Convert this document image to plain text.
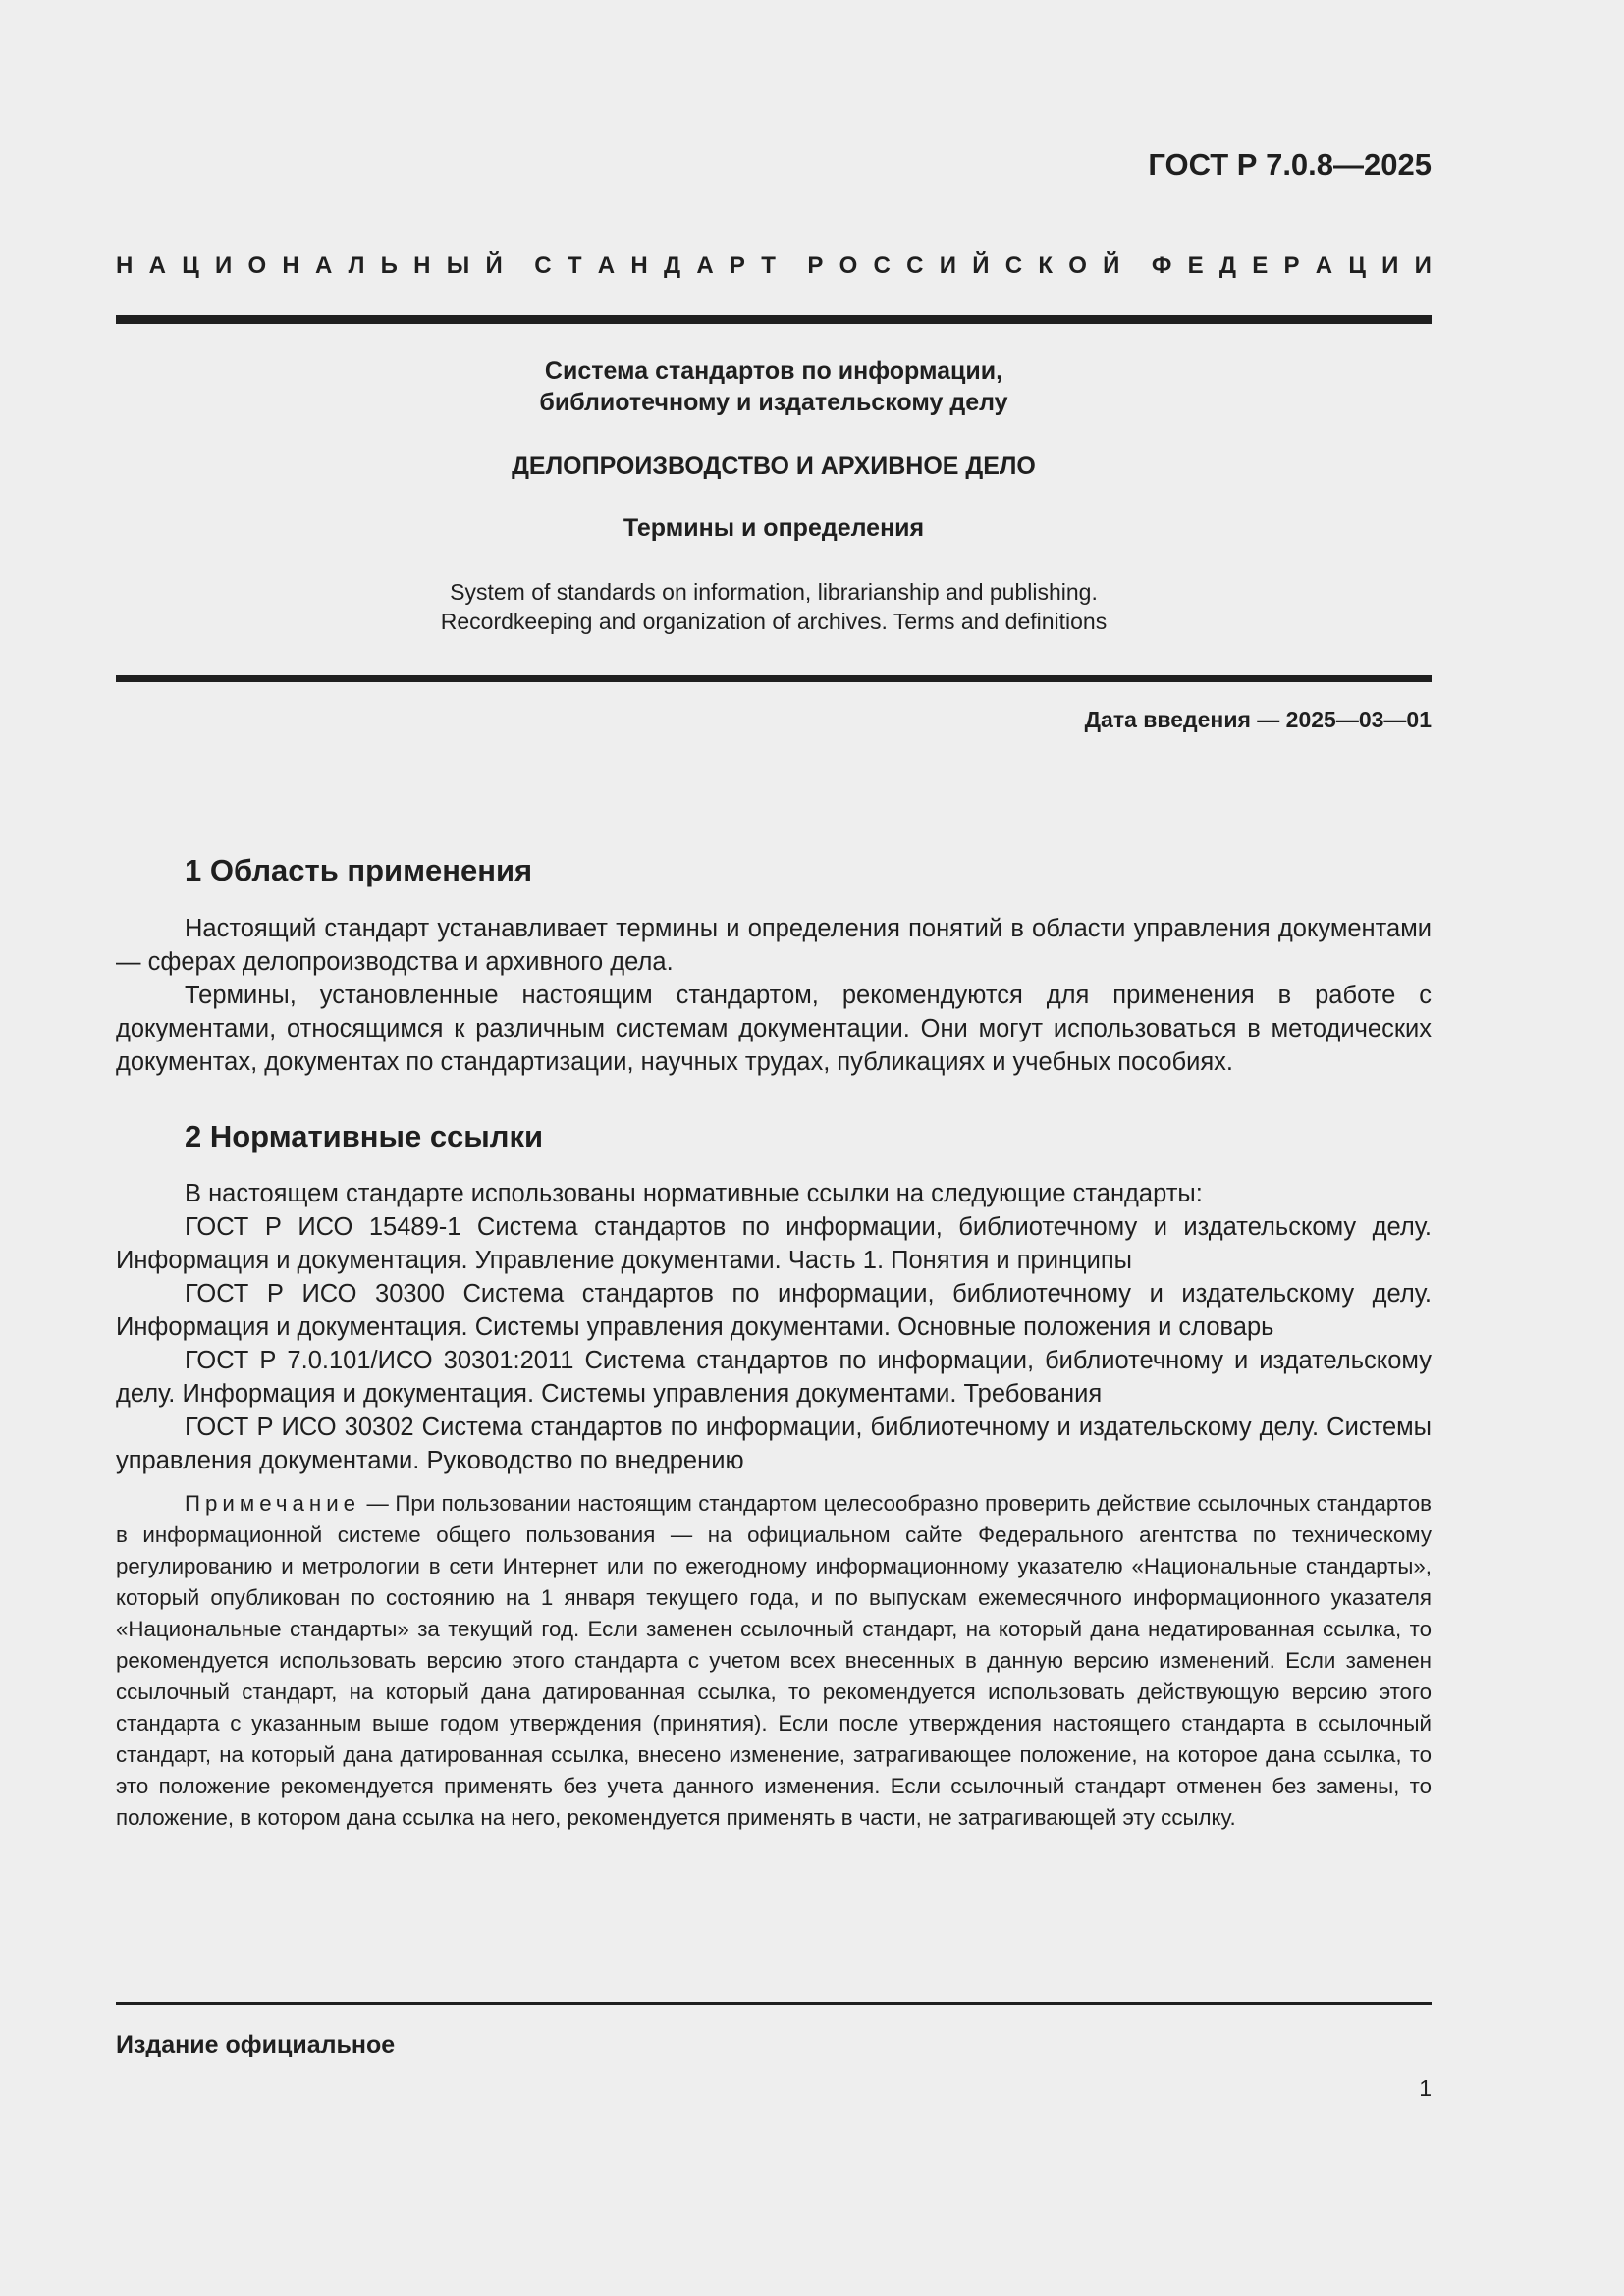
ГОСТ Р 7.0.8—2025
Н А Ц И О Н А Л Ь Н Ы Й С Т А Н Д А Р Т Р О С С И Й С К О Й Ф Е Д Е Р А Ц И И
Система стандартов по информации,
библиотечному и издательскому делу
ДЕЛОПРОИЗВОДСТВО И АРХИВНОЕ ДЕЛО
Термины и определения
System of standards on information, librarianship and publishing.
Recordkeeping and organization of archives. Terms and definitions
Дата введения — 2025—03—01
1 Область применения

Настоящий стандарт устанавливает термины и определения понятий в области управления документами — сферах делопроизводства и архивного дела.

Термины, установленные настоящим стандартом, рекомендуются для применения в работе с документами, относящимся к различным системам документации. Они могут использоваться в методических документах, документах по стандартизации, научных трудах, публикациях и учебных пособиях.

2 Нормативные ссылки

В настоящем стандарте использованы нормативные ссылки на следующие стандарты:

ГОСТ Р ИСО 15489-1 Система стандартов по информации, библиотечному и издательскому делу. Информация и документация. Управление документами. Часть 1. Понятия и принципы

ГОСТ Р ИСО 30300 Система стандартов по информации, библиотечному и издательскому делу. Информация и документация. Системы управления документами. Основные положения и словарь

ГОСТ Р 7.0.101/ИСО 30301:2011 Система стандартов по информации, библиотечному и издательскому делу. Информация и документация. Системы управления документами. Требования

ГОСТ Р ИСО 30302 Система стандартов по информации, библиотечному и издательскому делу. Системы управления документами. Руководство по внедрению

Примечание — При пользовании настоящим стандартом целесообразно проверить действие ссылочных стандартов в информационной системе общего пользования — на официальном сайте Федерального агентства по техническому регулированию и метрологии в сети Интернет или по ежегодному информационному указателю «Национальные стандарты», который опубликован по состоянию на 1 января текущего года, и по выпускам ежемесячного информационного указателя «Национальные стандарты» за текущий год. Если заменен ссылочный стандарт, на который дана недатированная ссылка, то рекомендуется использовать версию этого стандарта с учетом всех внесенных в данную версию изменений. Если заменен ссылочный стандарт, на который дана датированная ссылка, то рекомендуется использовать действующую версию этого стандарта с указанным выше годом утверждения (принятия). Если после утверждения настоящего стандарта в ссылочный стандарт, на который дана датированная ссылка, внесено изменение, затрагивающее положение, на которое дана ссылка, то это положение рекомендуется применять без учета данного изменения. Если ссылочный стандарт отменен без замены, то положение, в котором дана ссылка на него, рекомендуется применять в части, не затрагивающей эту ссылку.
Издание официальное
1
